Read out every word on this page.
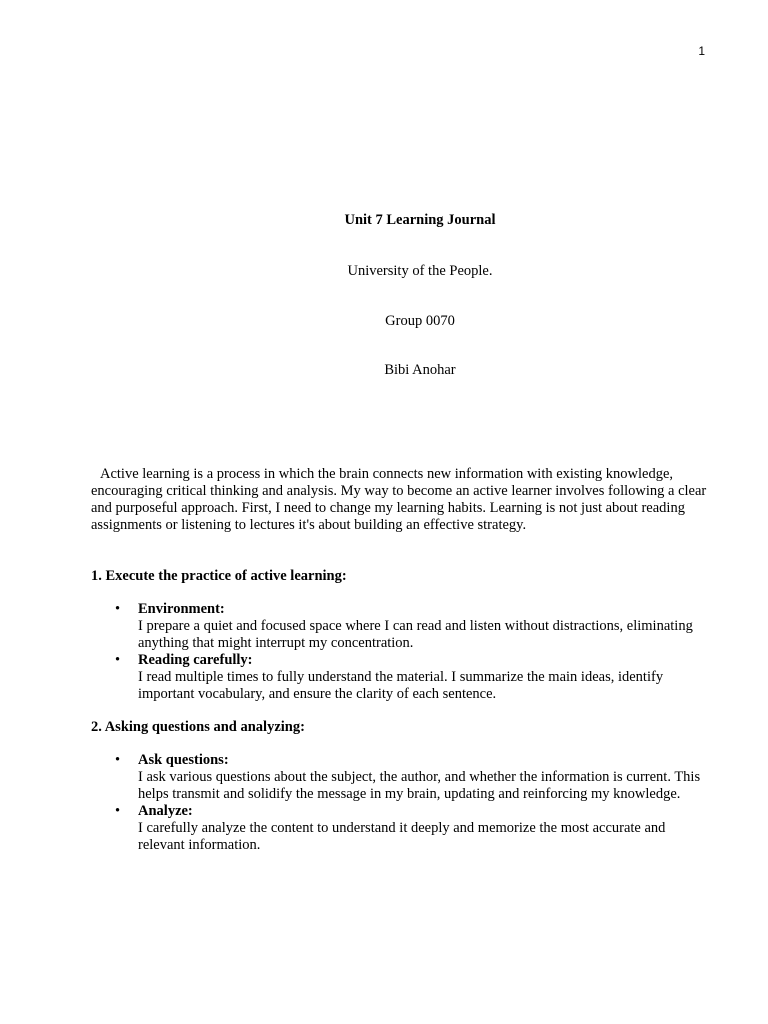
1
Unit 7 Learning Journal
University of the People.
Group 0070
Bibi Anohar
Active learning is a process in which the brain connects new information with existing knowledge, encouraging critical thinking and analysis. My way to become an active learner involves following a clear and purposeful approach. First, I need to change my learning habits. Learning is not just about reading assignments or listening to lectures it's about building an effective strategy.
1. Execute the practice of active learning:
• Environment:
I prepare a quiet and focused space where I can read and listen without distractions, eliminating anything that might interrupt my concentration.
• Reading carefully:
I read multiple times to fully understand the material. I summarize the main ideas, identify important vocabulary, and ensure the clarity of each sentence.
2. Asking questions and analyzing:
• Ask questions:
I ask various questions about the subject, the author, and whether the information is current. This helps transmit and solidify the message in my brain, updating and reinforcing my knowledge.
• Analyze:
I carefully analyze the content to understand it deeply and memorize the most accurate and relevant information.
